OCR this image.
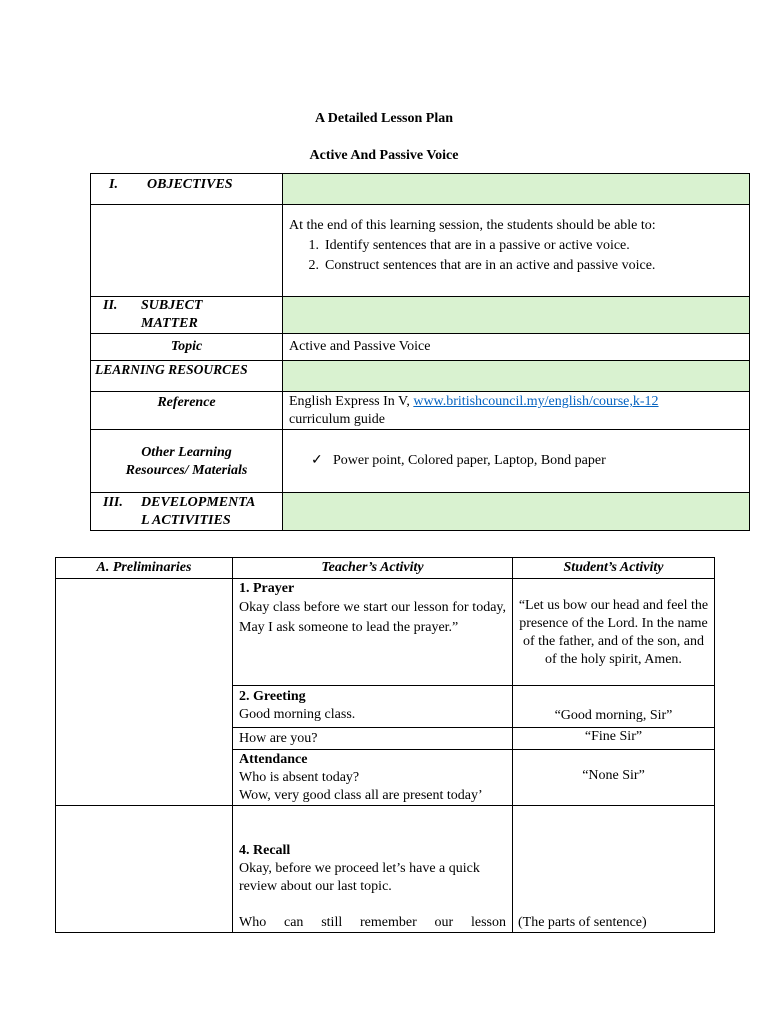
A Detailed Lesson Plan
Active And Passive Voice
I. OBJECTIVES	

	At the end of this learning session, the students should be able to:
1. Identify sentences that are in a passive or active voice.
2. Construct sentences that are in an active and passive voice.

II. SUBJECT
MATTER	

Topic	Active and Passive Voice
LEARNING RESOURCES	
Reference	English Express In V, www.britishcouncil.my/english/course,k-12
curriculum guide
Other Learning
Resources/ Materials	✓ Power point, Colored paper, Laptop, Bond paper

III. DEVELOPMENTA
L ACTIVITIES	

A. Preliminaries	Teacher’s Activity	Student’s Activity
	1. Prayer
Okay class before we start our lesson for today, May I ask someone to lead the prayer.”	“Let us bow our head and feel the presence of the Lord. In the name of the father, and of the son, and of the holy spirit, Amen.
	2. Greeting
Good morning class.	“Good morning, Sir”
	How are you?	“Fine Sir”
	Attendance
Who is absent today?
Wow, very good class all are present today’	“None Sir”
	4. Recall
Okay, before we proceed let’s have a quick review about our last topic.
Who can still remember our lesson	(The parts of sentence)
